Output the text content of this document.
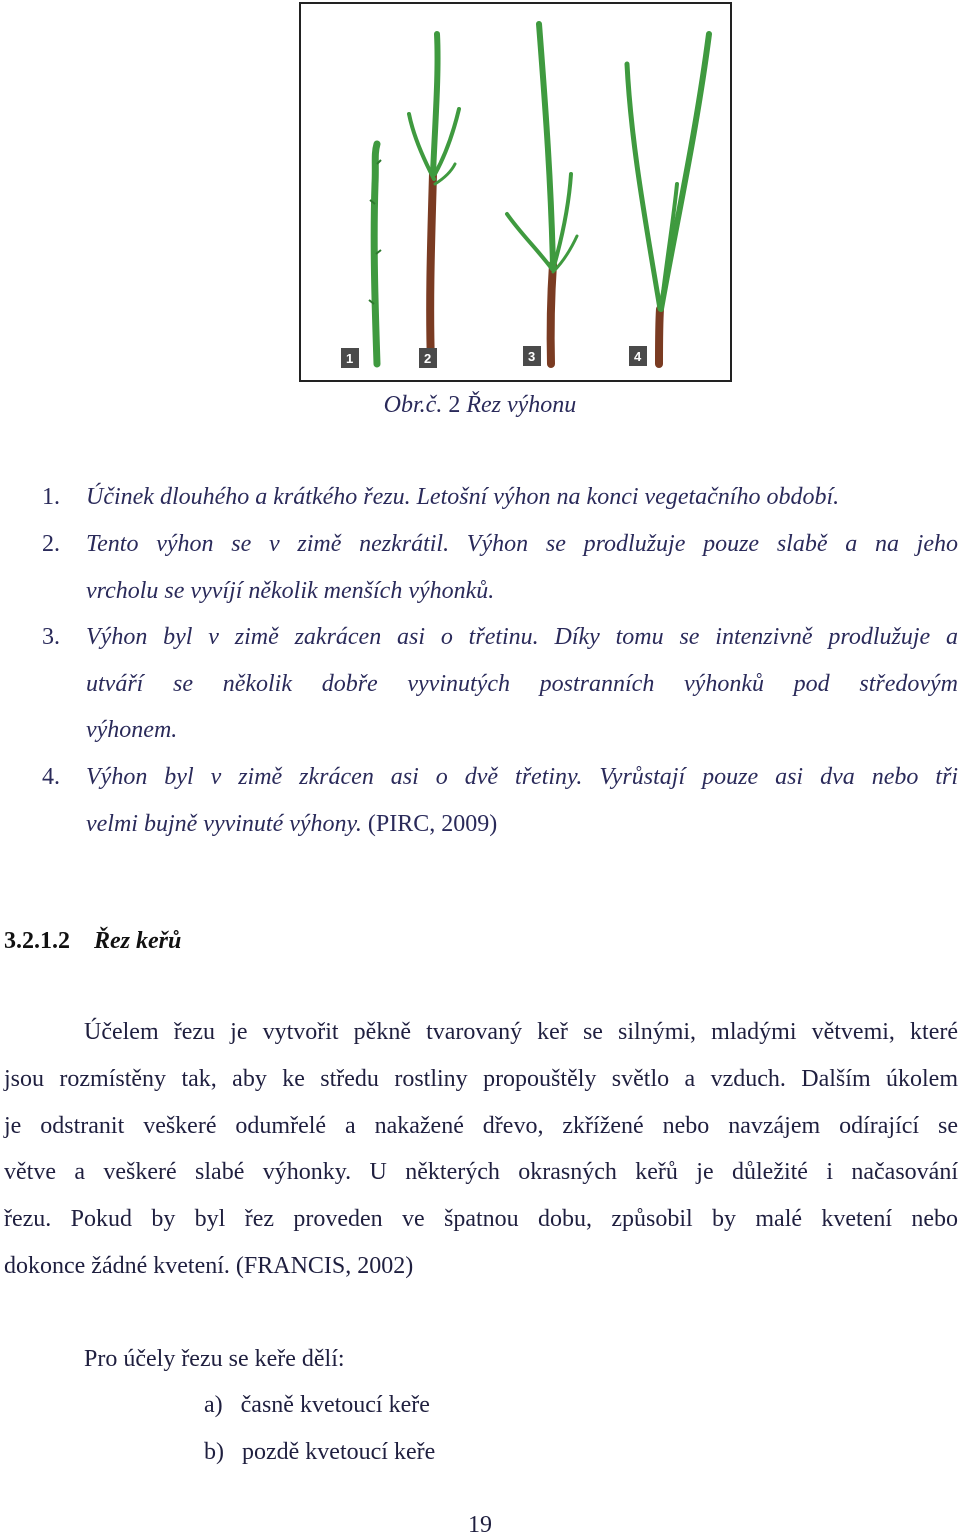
1	2	3	4
Obr.č. 2 Řez výhonu
1. Účinek dlouhého a krátkého řezu. Letošní výhon na konci vegetačního období.
2. Tento výhon se v zimě nezkrátil. Výhon se prodlužuje pouze slabě a na jeho
vrcholu se vyvíjí několik menších výhonků.
3. Výhon byl v zimě zakrácen asi o třetinu. Díky tomu se intenzivně prodlužuje a
utváří se několik dobře vyvinutých postranních výhonků pod středovým
výhonem.
4. Výhon byl v zimě zkrácen asi o dvě třetiny. Vyrůstají pouze asi dva nebo tři
velmi bujně vyvinuté výhony. (PIRC, 2009)
3.2.1.2 Řez keřů
Účelem řezu je vytvořit pěkně tvarovaný keř se silnými, mladými větvemi, které
jsou rozmístěny tak, aby ke středu rostliny propouštěly světlo a vzduch. Dalším úkolem
je odstranit veškeré odumřelé a nakažené dřevo, zkřížené nebo navzájem odírající se
větve a veškeré slabé výhonky. U některých okrasných keřů je důležité i načasování
řezu. Pokud by byl řez proveden ve špatnou dobu, způsobil by malé kvetení nebo
dokonce žádné kvetení. (FRANCIS, 2002)
Pro účely řezu se keře dělí:
a) časně kvetoucí keře
b) pozdě kvetoucí keře
19
